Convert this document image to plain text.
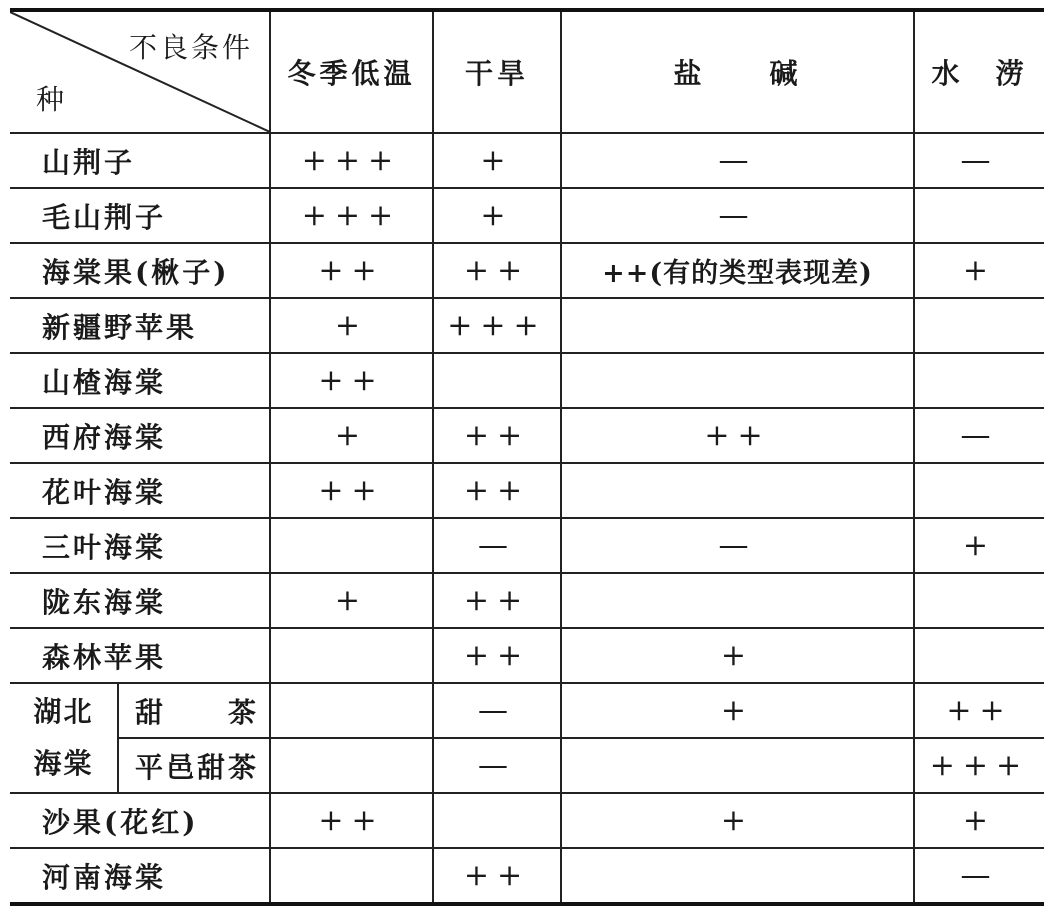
不良条件
种		冬季低温	干旱	盐　　碱	水　涝
山荆子		+++	+	—	—
毛山荆子		+++	+	—	
海棠果(楸子)		++	++	++(有的类型表现差)	+
新疆野苹果		+	+++		
山楂海棠		++			
西府海棠		+	++	++	—
花叶海棠		++	++		
三叶海棠			—	—	+
陇东海棠		+	++		
森林苹果			++	+	
湖北
海棠	甜　　茶		—	+	++
	平邑甜茶		—		+++
沙果(花红)		++		+	+
河南海棠			++		—
